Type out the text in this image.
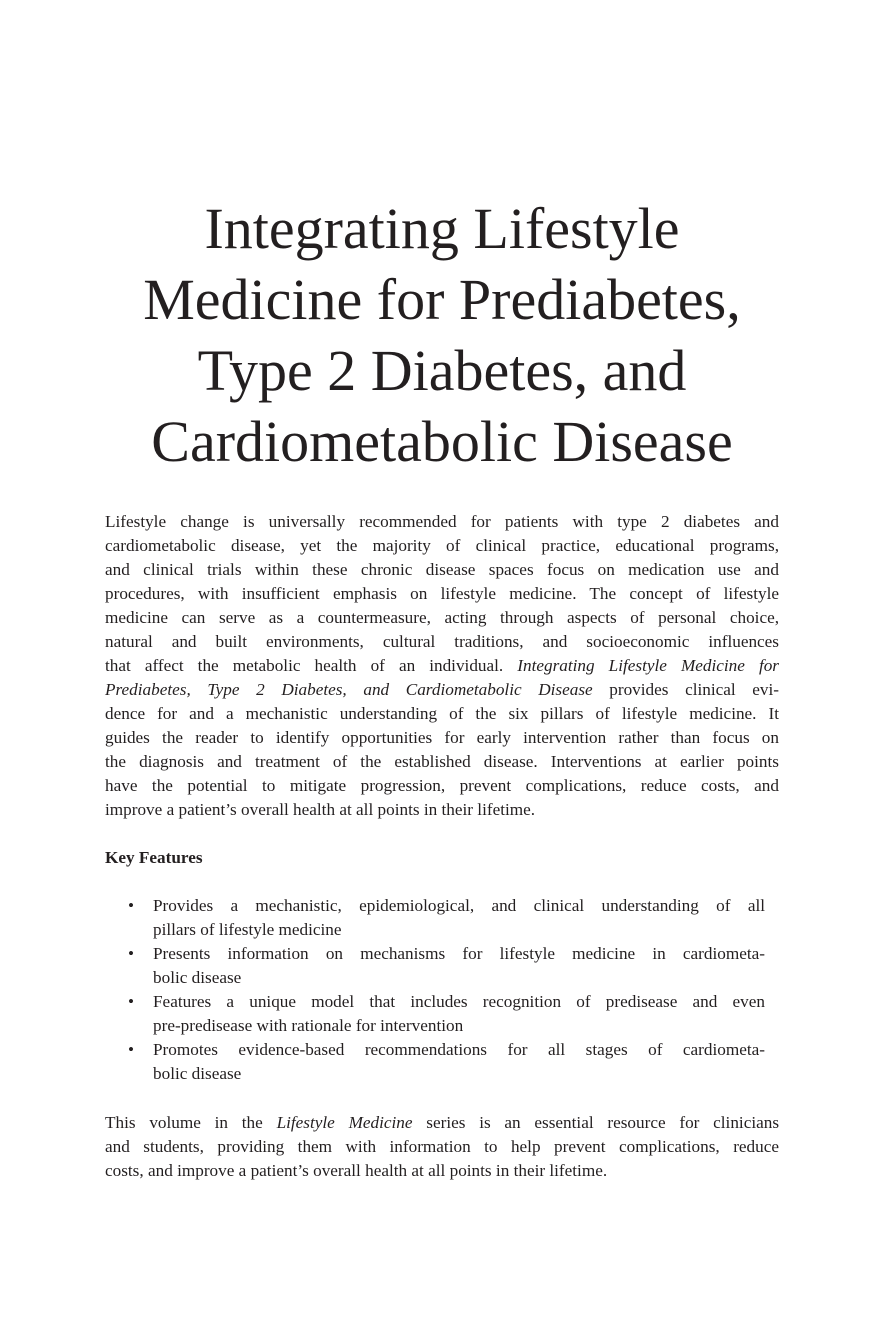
Integrating Lifestyle
Medicine for Prediabetes,
Type 2 Diabetes, and
Cardiometabolic Disease
Lifestyle change is universally recommended for patients with type 2 diabetes and
cardiometabolic disease, yet the majority of clinical practice, educational programs,
and clinical trials within these chronic disease spaces focus on medication use and
procedures, with insufficient emphasis on lifestyle medicine. The concept of lifestyle
medicine can serve as a countermeasure, acting through aspects of personal choice,
natural and built environments, cultural traditions, and socioeconomic influences
that affect the metabolic health of an individual. Integrating Lifestyle Medicine for
Prediabetes, Type 2 Diabetes, and Cardiometabolic Disease provides clinical evi-
dence for and a mechanistic understanding of the six pillars of lifestyle medicine. It
guides the reader to identify opportunities for early intervention rather than focus on
the diagnosis and treatment of the established disease. Interventions at earlier points
have the potential to mitigate progression, prevent complications, reduce costs, and
improve a patient’s overall health at all points in their lifetime.
Key Features
• Provides a mechanistic, epidemiological, and clinical understanding of all
pillars of lifestyle medicine
• Presents information on mechanisms for lifestyle medicine in cardiometa-
bolic disease
• Features a unique model that includes recognition of predisease and even
pre-predisease with rationale for intervention
• Promotes evidence-based recommendations for all stages of cardiometa-
bolic disease
This volume in the Lifestyle Medicine series is an essential resource for clinicians
and students, providing them with information to help prevent complications, reduce
costs, and improve a patient’s overall health at all points in their lifetime.
